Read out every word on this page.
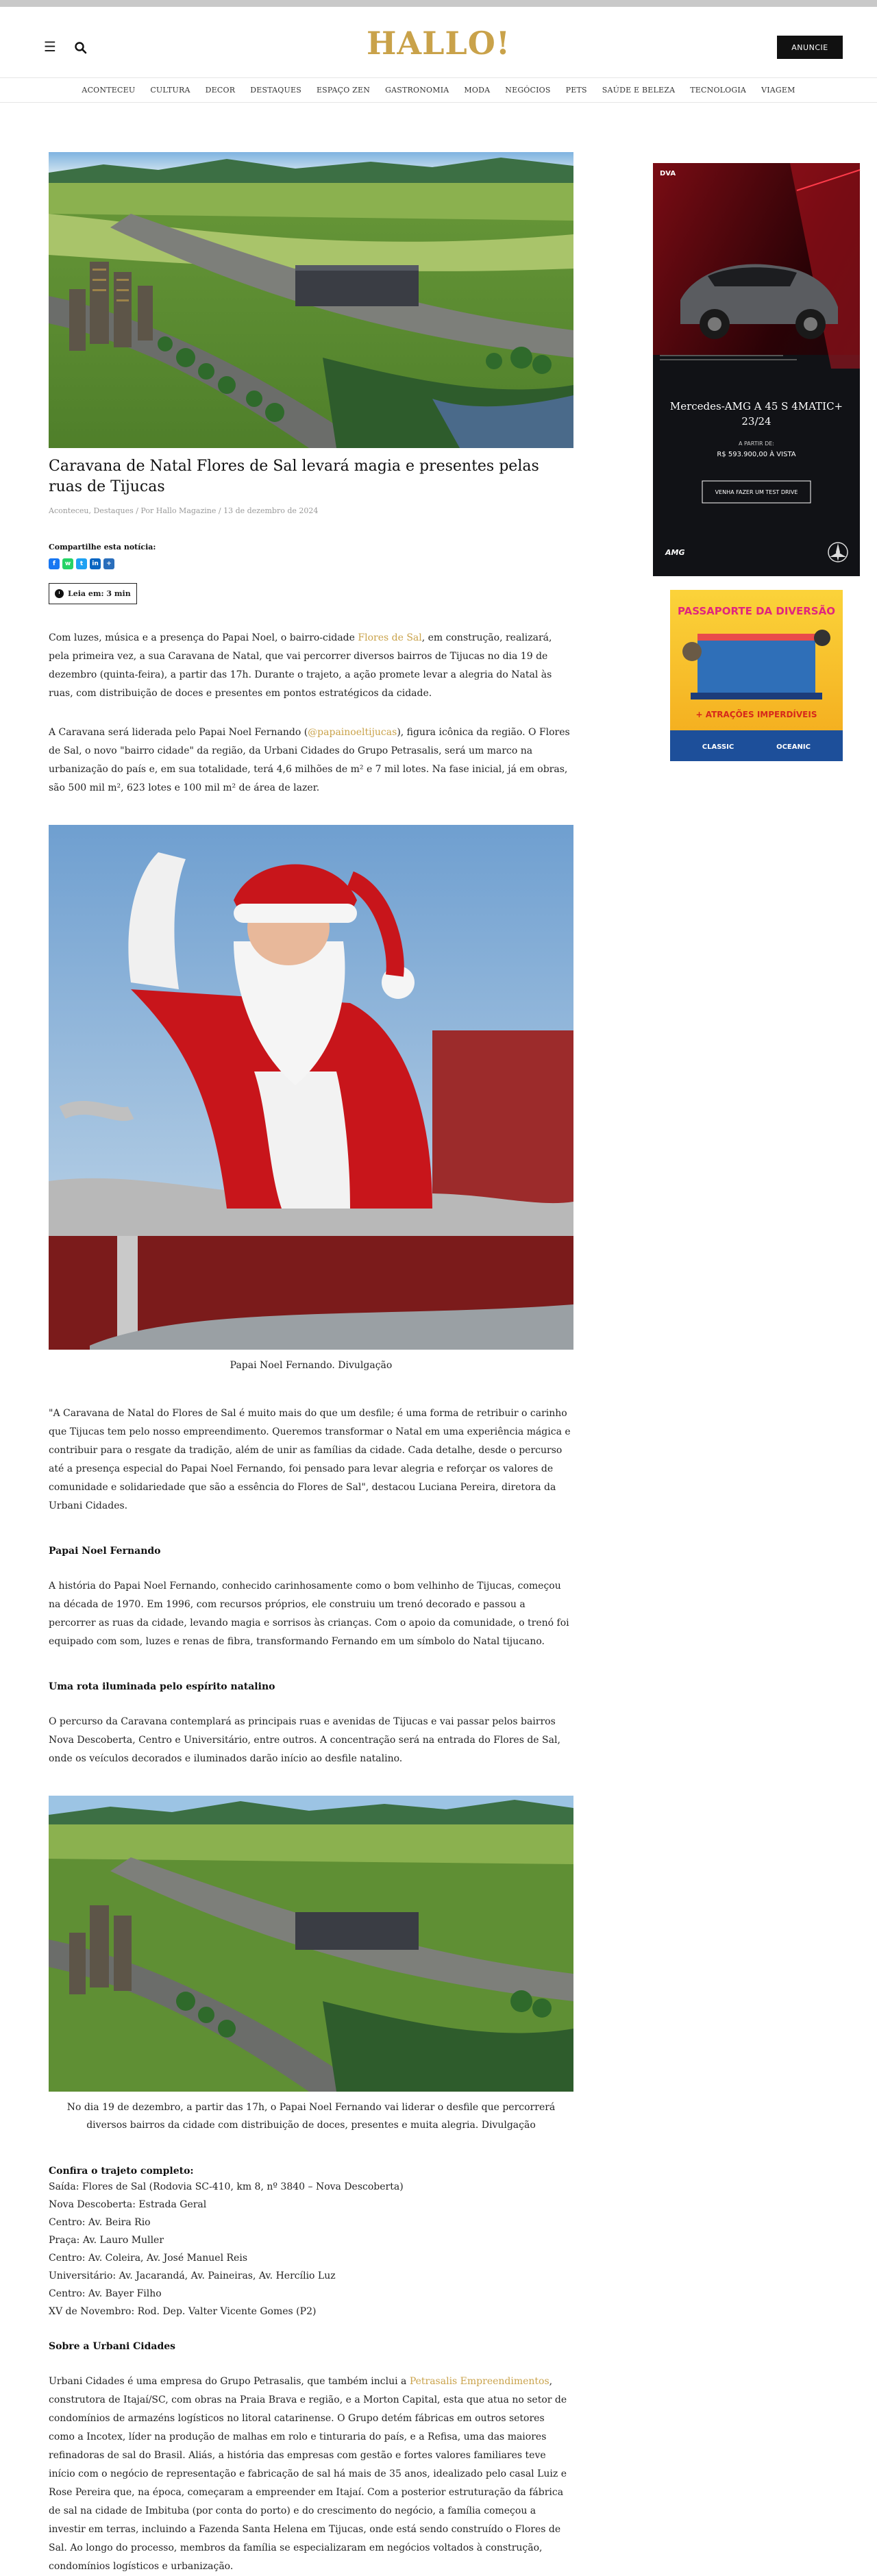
☰	HALLO!	ANUNCIE
ACONTECEU	CULTURA	DECOR	DESTAQUES	ESPAÇO ZEN	GASTRONOMIA	MODA	NEGÓCIOS	PETS	SAÚDE E BELEZA	TECNOLOGIA	VIAGEM
Caravana de Natal Flores de Sal levará magia e presentes pelas ruas de Tijucas
Aconteceu, Destaques / Por Hallo Magazine / 13 de dezembro de 2024
Compartilhe esta notícia:
f	w	t	in	+
Leia em: 3 min

Com luzes, música e a presença do Papai Noel, o bairro-cidade Flores de Sal, em construção, realizará, pela primeira vez, a sua Caravana de Natal, que vai percorrer diversos bairros de Tijucas no dia 19 de dezembro (quinta-feira), a partir das 17h. Durante o trajeto, a ação promete levar a alegria do Natal às ruas, com distribuição de doces e presentes em pontos estratégicos da cidade.

A Caravana será liderada pelo Papai Noel Fernando (@papainoeltijucas), figura icônica da região. O Flores de Sal, o novo "bairro cidade" da região, da Urbani Cidades do Grupo Petrasalis, será um marco na urbanização do país e, em sua totalidade, terá 4,6 milhões de m² e 7 mil lotes. Na fase inicial, já em obras, são 500 mil m², 623 lotes e 100 mil m² de área de lazer.

Papai Noel Fernando. Divulgação

"A Caravana de Natal do Flores de Sal é muito mais do que um desfile; é uma forma de retribuir o carinho que Tijucas tem pelo nosso empreendimento. Queremos transformar o Natal em uma experiência mágica e contribuir para o resgate da tradição, além de unir as famílias da cidade. Cada detalhe, desde o percurso até a presença especial do Papai Noel Fernando, foi pensado para levar alegria e reforçar os valores de comunidade e solidariedade que são a essência do Flores de Sal", destacou Luciana Pereira, diretora da Urbani Cidades.

Papai Noel Fernando

A história do Papai Noel Fernando, conhecido carinhosamente como o bom velhinho de Tijucas, começou na década de 1970. Em 1996, com recursos próprios, ele construiu um trenó decorado e passou a percorrer as ruas da cidade, levando magia e sorrisos às crianças. Com o apoio da comunidade, o trenó foi equipado com som, luzes e renas de fibra, transformando Fernando em um símbolo do Natal tijucano.

Uma rota iluminada pelo espírito natalino

O percurso da Caravana contemplará as principais ruas e avenidas de Tijucas e vai passar pelos bairros Nova Descoberta, Centro e Universitário, entre outros. A concentração será na entrada do Flores de Sal, onde os veículos decorados e iluminados darão início ao desfile natalino.

No dia 19 de dezembro, a partir das 17h, o Papai Noel Fernando vai liderar o desfile que percorrerá diversos bairros da cidade com distribuição de doces, presentes e muita alegria. Divulgação
Confira o trajeto completo:
Saída: Flores de Sal (Rodovia SC-410, km 8, nº 3840 – Nova Descoberta)
Nova Descoberta: Estrada Geral
Centro: Av. Beira Rio
Praça: Av. Lauro Muller
Centro: Av. Coleira, Av. José Manuel Reis
Universitário: Av. Jacarandá, Av. Paineiras, Av. Hercílio Luz
Centro: Av. Bayer Filho
XV de Novembro: Rod. Dep. Valter Vicente Gomes (P2)
Sobre a Urbani Cidades

Urbani Cidades é uma empresa do Grupo Petrasalis, que também inclui a Petrasalis Empreendimentos, construtora de Itajaí/SC, com obras na Praia Brava e região, e a Morton Capital, esta que atua no setor de condomínios de armazéns logísticos no litoral catarinense. O Grupo detém fábricas em outros setores como a Incotex, líder na produção de malhas em rolo e tinturaria do país, e a Refisa, uma das maiores refinadoras de sal do Brasil. Aliás, a história das empresas com gestão e fortes valores familiares teve início com o negócio de representação e fabricação de sal há mais de 35 anos, idealizado pelo casal Luiz e Rose Pereira que, na época, começaram a empreender em Itajaí. Com a posterior estruturação da fábrica de sal na cidade de Imbituba (por conta do porto) e do crescimento do negócio, a família começou a investir em terras, incluindo a Fazenda Santa Helena em Tijucas, onde está sendo construído o Flores de Sal. Ao longo do processo, membros da família se especializaram em negócios voltados à construção, condomínios logísticos e urbanização.

DVA
Mercedes-AMG A 45 S 4MATIC+
23/24
A PARTIR DE:
R$ 593.900,00 À VISTA
VENHA FAZER UM TEST DRIVE
AMG
PASSAPORTE DA DIVERSÃO
+ ATRAÇÕES IMPERDÍVEIS
CLASSIC	OCEANIC
